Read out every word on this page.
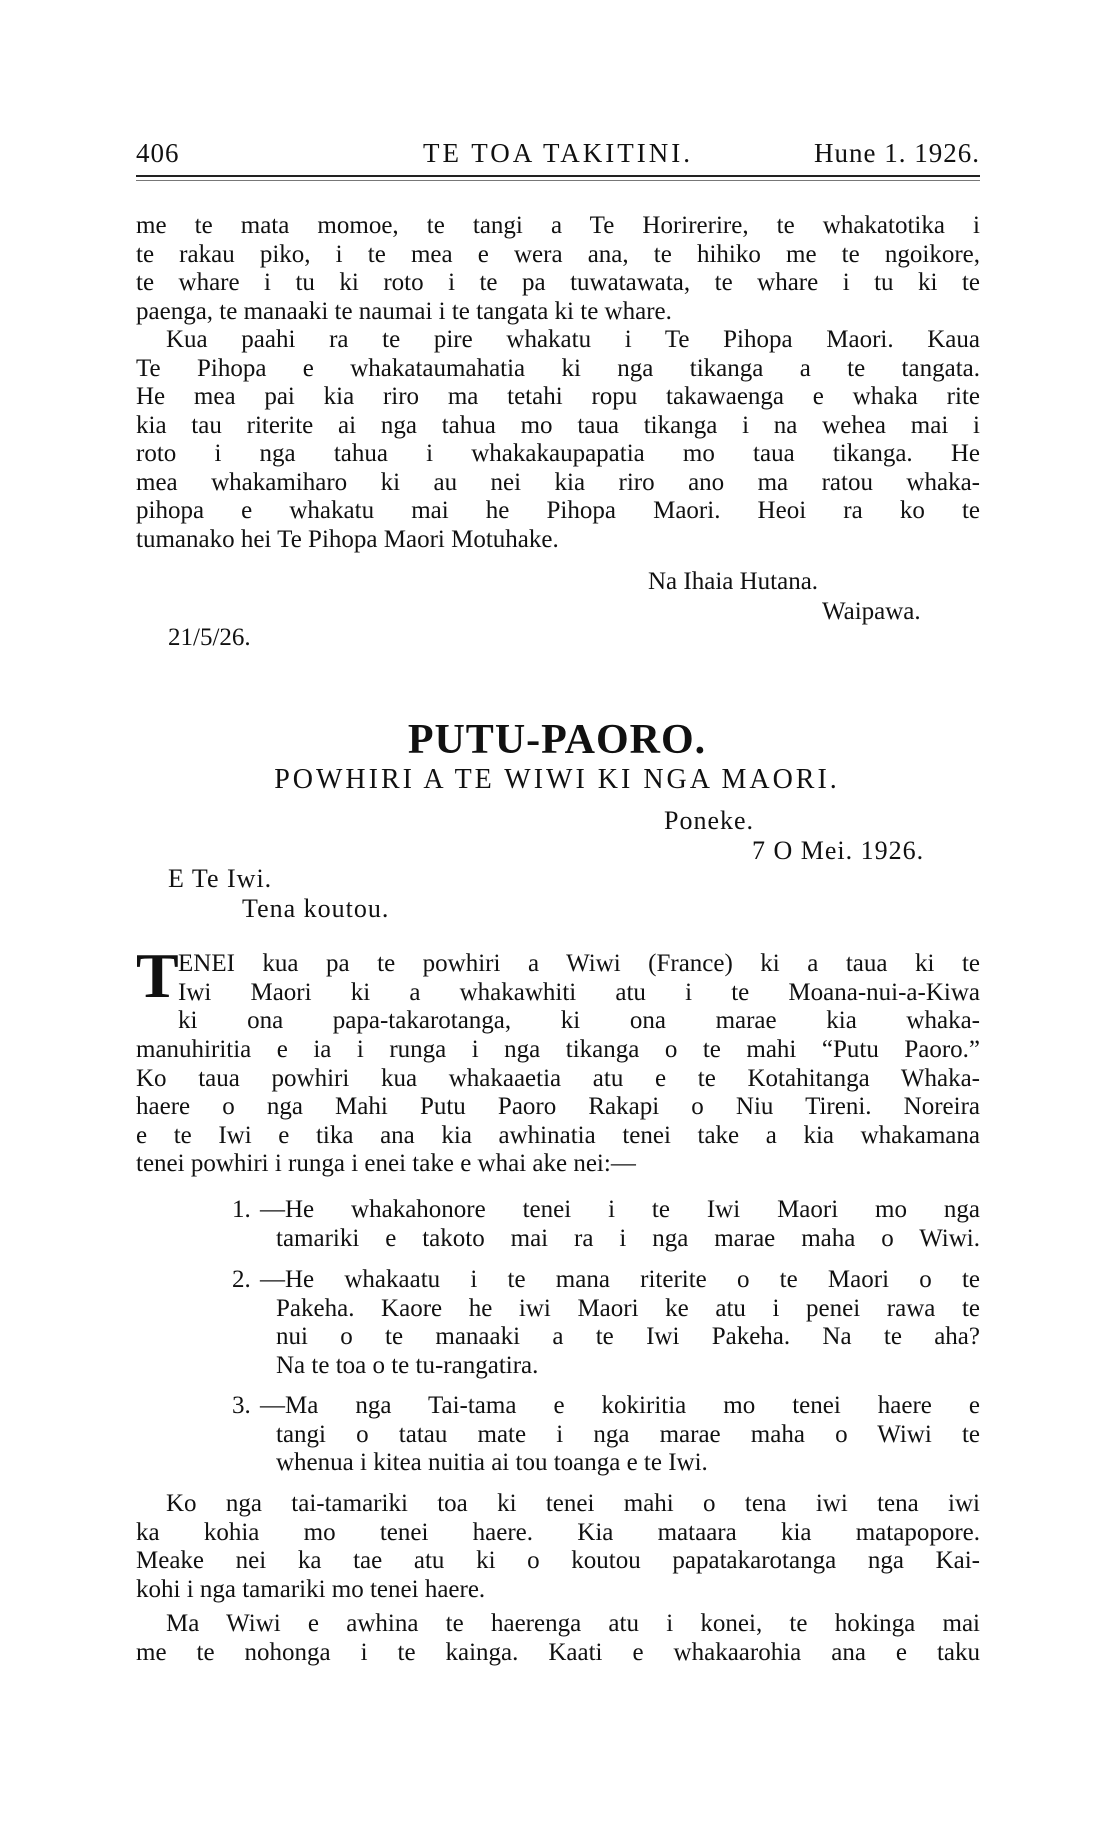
406	TE TOA TAKITINI.	Hune 1. 1926.
me te mata momoe, te tangi a Te Horirerire, te whakatotika i
te rakau piko, i te mea e wera ana, te hihiko me te ngoikore,
te whare i tu ki roto i te pa tuwatawata, te whare i tu ki te
paenga, te manaaki te naumai i te tangata ki te whare.
Kua paahi ra te pire whakatu i Te Pihopa Maori. Kaua
Te Pihopa e whakataumahatia ki nga tikanga a te tangata.
He mea pai kia riro ma tetahi ropu takawaenga e whaka rite
kia tau riterite ai nga tahua mo taua tikanga i na wehea mai i
roto i nga tahua i whakakaupapatia mo taua tikanga. He
mea whakamiharo ki au nei kia riro ano ma ratou whaka-
pihopa e whakatu mai he Pihopa Maori. Heoi ra ko te
tumanako hei Te Pihopa Maori Motuhake.
Na Ihaia Hutana.
Waipawa.
21/5/26.
PUTU-PAORO.
POWHIRI A TE WIWI KI NGA MAORI.
Poneke.
7 O Mei. 1926.
E Te Iwi.
Tena koutou.
T ENEI kua pa te powhiri a Wiwi (France) ki a taua ki te
Iwi Maori ki a whakawhiti atu i te Moana-nui-a-Kiwa
ki ona papa-takarotanga, ki ona marae kia whaka-
manuhiritia e ia i runga i nga tikanga o te mahi “Putu Paoro.”
Ko taua powhiri kua whakaaetia atu e te Kotahitanga Whaka-
haere o nga Mahi Putu Paoro Rakapi o Niu Tireni. Noreira
e te Iwi e tika ana kia awhinatia tenei take a kia whakamana
tenei powhiri i runga i enei take e whai ake nei:—
1. —He whakahonore tenei i te Iwi Maori mo nga
tamariki e takoto mai ra i nga marae maha o Wiwi.
2. —He whakaatu i te mana riterite o te Maori o te
Pakeha. Kaore he iwi Maori ke atu i penei rawa te
nui o te manaaki a te Iwi Pakeha. Na te aha?
Na te toa o te tu-rangatira.
3. —Ma nga Tai-tama e kokiritia mo tenei haere e
tangi o tatau mate i nga marae maha o Wiwi te
whenua i kitea nuitia ai tou toanga e te Iwi.
Ko nga tai-tamariki toa ki tenei mahi o tena iwi tena iwi
ka kohia mo tenei haere. Kia mataara kia matapopore.
Meake nei ka tae atu ki o koutou papatakarotanga nga Kai-
kohi i nga tamariki mo tenei haere.
Ma Wiwi e awhina te haerenga atu i konei, te hokinga mai
me te nohonga i te kainga. Kaati e whakaarohia ana e taku
